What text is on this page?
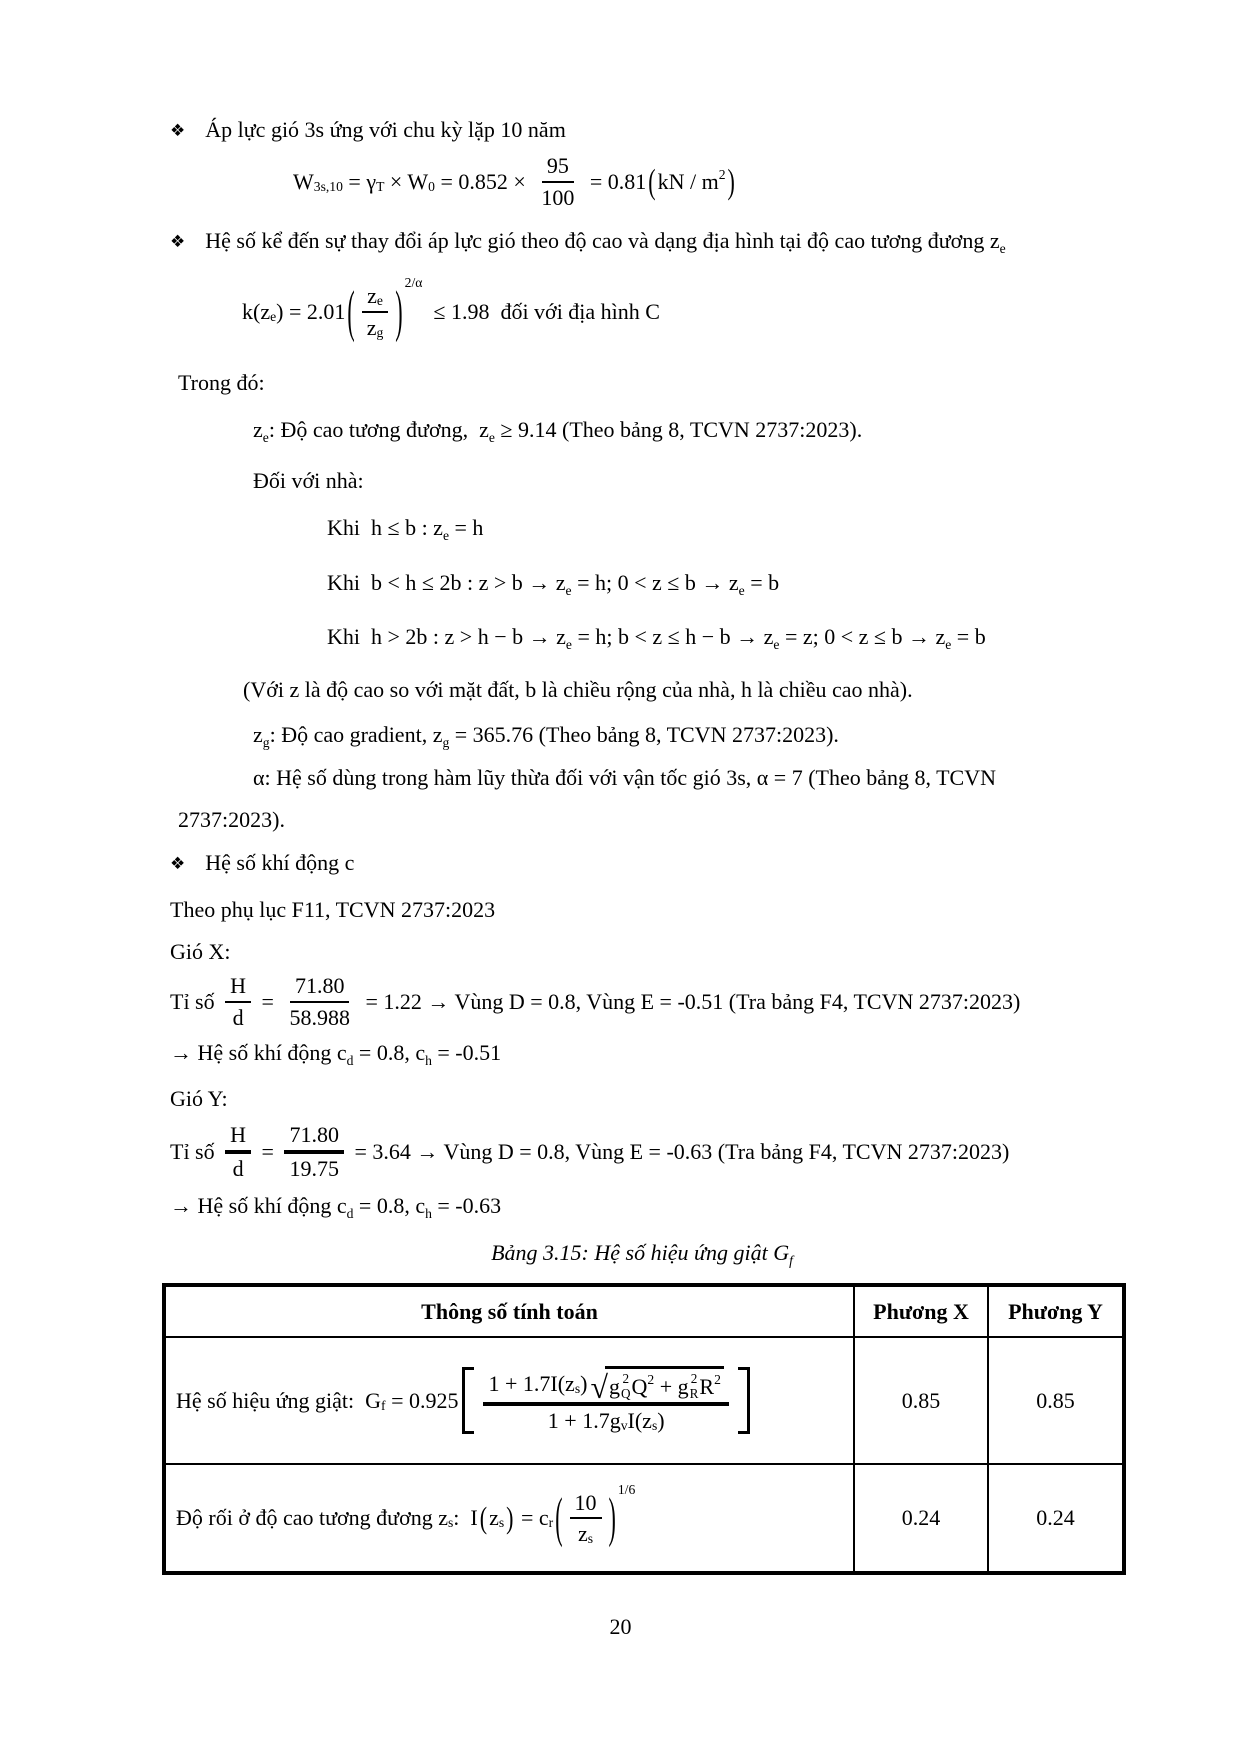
❖ Áp lực gió 3s ứng với chu kỳ lặp 10 năm
W 3s,10 = γ T × W $0 = 0.852 \times \frac{95}{100} = 0.81$ ( kN / m 2 )
❖ Hệ số kể đến sự thay đổi áp lực gió theo độ cao và dạng địa hình tại độ cao tương đương ze
k(z e ) = 2.01 ( $\frac{\text{z e}}{\text{z g}}$ ) 2/α
≤ 1.98  đối với địa hình C
Trong đó:
ze: Độ cao tương đương,  ze ≥ 9.14 (Theo bảng 8, TCVN 2737:2023).
Đối với nhà:
Khi  h ≤ b : ze = h
Khi  b < h ≤ 2b : z > b → ze = h; 0 < z ≤ b → ze = b
Khi  h > 2b : z > h − b → ze = h; b < z ≤ h − b → ze = z; 0 < z ≤ b → ze = b
(Với z là độ cao so với mặt đất, b là chiều rộng của nhà, h là chiều cao nhà).
zg: Độ cao gradient, zg = 365.76 (Theo bảng 8, TCVN 2737:2023).
α: Hệ số dùng trong hàm lũy thừa đối với vận tốc gió 3s, α = 7 (Theo bảng 8, TCVN
2737:2023).
❖ Hệ số khí động c
Theo phụ lục F11, TCVN 2737:2023
Gió X:
Tỉ số $\frac{H}{d} = \frac{71.80}{58.988} = 1.22$ → Vùng D = 0.8, Vùng E = -0.51 (Tra bảng F4, TCVN 2737:2023)
→ Hệ số khí động cd = 0.8, ch = -0.51
Gió Y:
Tỉ số $\frac{H}{d} = \frac{71.80}{19.75} = 3.64$ → Vùng D = 0.8, Vùng E = -0.63 (Tra bảng F4, TCVN 2737:2023)
→ Hệ số khí động cd = 0.8, ch = -0.63
Bảng 3.15: Hệ số hiệu ứng giật Gf
Thông số tính toán	Phương X	Phương Y

Hệ số hiệu ứng giật:  G f = 0.925 1 + 1.7I(z s ) √ g 2
Q Q 2 + g 2
R R 2
1 + 1.7g v I(z s )	0.85	0.85

Độ rối ở độ cao tương đương z s :  I ( z s ) = c r ( $\frac{10}{\text{z s}}$ ) 1/6
	0.24	0.24
20
